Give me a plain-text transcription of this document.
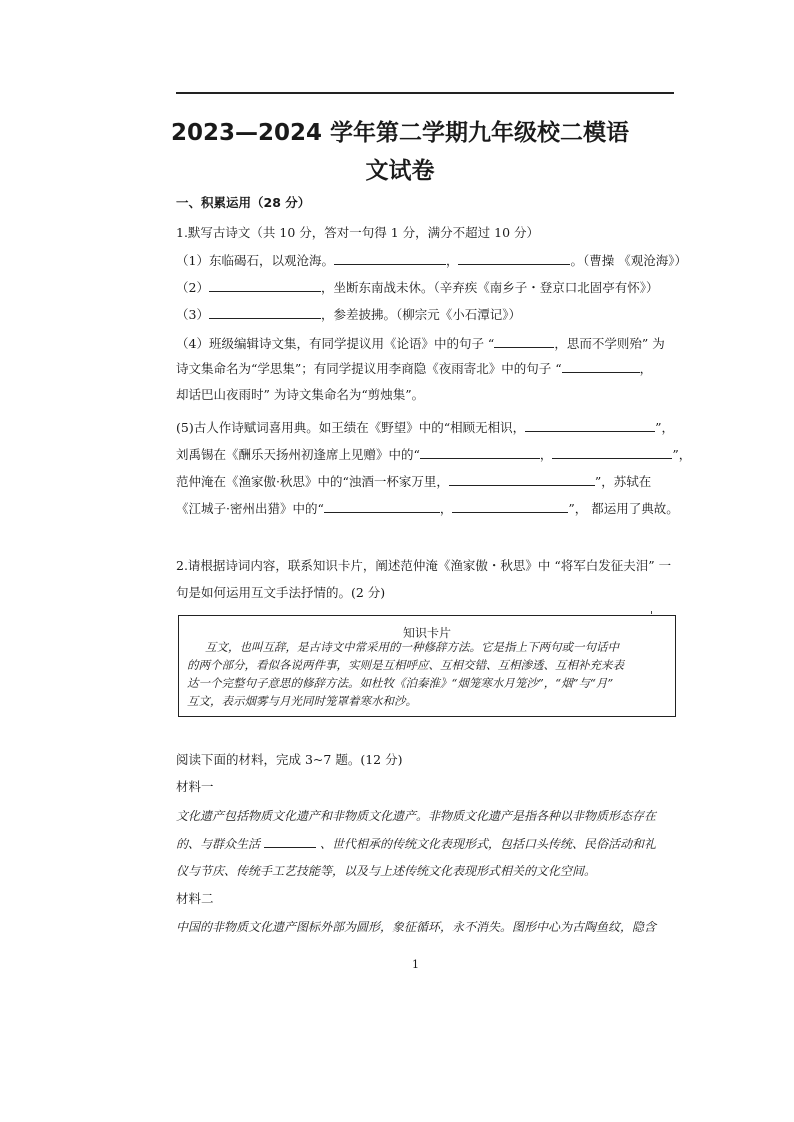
2023—2024 学年第二学期九年级校二模语
文试卷
一、积累运用（28 分）
1.默写古诗文（共 10 分，答对一句得 1 分，满分不超过 10 分）
（1）东临碣石，以观沧海。	，	。（曹操 《观沧海》）
（2）	，坐断东南战未休。（辛弃疾《南乡子・登京口北固亭有怀》）
（3）	，参差披拂。（柳宗元《小石潭记》）
（4）班级编辑诗文集，有同学提议用《论语》中的句子 “	，思而不学则殆” 为
诗文集命名为“学思集”；有同学提议用李商隐《夜雨寄北》中的句子 “	，
却话巴山夜雨时” 为诗文集命名为“剪烛集”。
(5)古人作诗赋词喜用典。如王绩在《野望》中的“相顾无相识，	”，
刘禹锡在《酬乐天扬州初逢席上见赠》中的“	，	”，
范仲淹在《渔家傲·秋思》中的“浊酒一杯家万里，	”，苏轼在
《江城子·密州出猎》中的“	，	”， 都运用了典故。
2.请根据诗词内容，联系知识卡片，阐述范仲淹《渔家傲・秋思》中 “将军白发征夫泪” 一
句是如何运用互文手法抒情的。(2 分)
'
知识卡片
互文，也叫互辞，是古诗文中常采用的一种修辞方法。它是指上下两句或一句话中
的两个部分，看似各说两件事，实则是互相呼应、互相交错、互相渗透、互相补充来表
达一个完整句子意思的修辞方法。如杜牧《泊秦淮》“烟笼寒水月笼沙”，“烟”与“月”
互文，表示烟雾与月光同时笼罩着寒水和沙。
阅读下面的材料，完成 3~7 题。(12 分)
材料一
文化遗产包括物质文化遗产和非物质文化遗产。非物质文化遗产是指各种以非物质形态存在
的、与群众生活	、世代相承的传统文化表现形式，包括口头传统、民俗活动和礼
仪与节庆、传统手工艺技能等，以及与上述传统文化表现形式相关的文化空间。
材料二
中国的非物质文化遗产图标外部为圆形，象征循环，永不消失。图形中心为古陶鱼纹，隐含
1
